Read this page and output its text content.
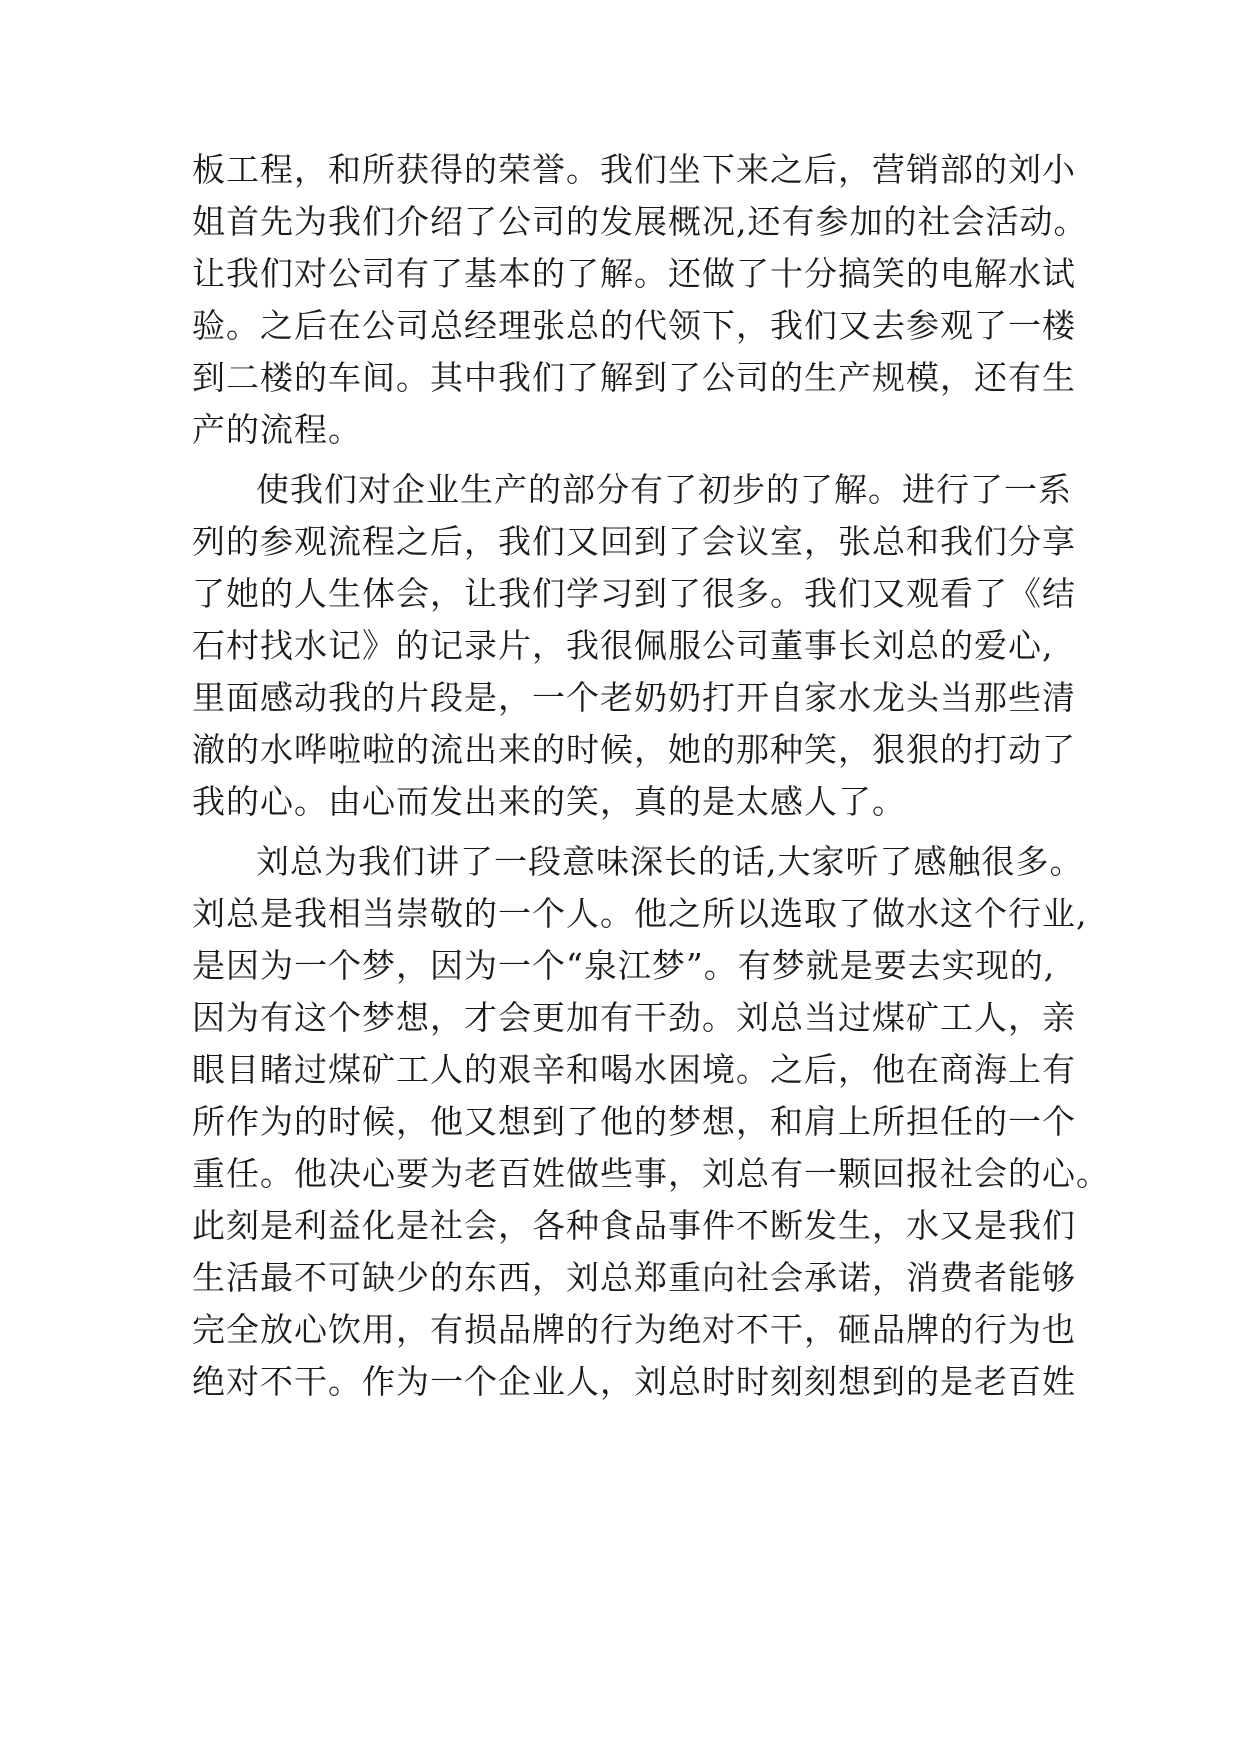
板工程，和所获得的荣誉。我们坐下来之后，营销部的刘小
姐首先为我们介绍了公司的发展概况,还有参加的社会活动。
让我们对公司有了基本的了解。还做了十分搞笑的电解水试
验。之后在公司总经理张总的代领下，我们又去参观了一楼
到二楼的车间。其中我们了解到了公司的生产规模，还有生
产的流程。
使我们对企业生产的部分有了初步的了解。进行了一系
列的参观流程之后，我们又回到了会议室，张总和我们分享
了她的人生体会，让我们学习到了很多。我们又观看了《结
石村找水记》的记录片，我很佩服公司董事长刘总的爱心,
里面感动我的片段是，一个老奶奶打开自家水龙头当那些清
澈的水哗啦啦的流出来的时候，她的那种笑，狠狠的打动了
我的心。由心而发出来的笑，真的是太感人了。
刘总为我们讲了一段意味深长的话,大家听了感触很多。
刘总是我相当崇敬的一个人。他之所以选取了做水这个行业,
是因为一个梦，因为一个“泉江梦”。有梦就是要去实现的,
因为有这个梦想，才会更加有干劲。刘总当过煤矿工人，亲
眼目睹过煤矿工人的艰辛和喝水困境。之后，他在商海上有
所作为的时候，他又想到了他的梦想，和肩上所担任的一个
重任。他决心要为老百姓做些事，刘总有一颗回报社会的心。
此刻是利益化是社会，各种食品事件不断发生，水又是我们
生活最不可缺少的东西，刘总郑重向社会承诺，消费者能够
完全放心饮用，有损品牌的行为绝对不干，砸品牌的行为也
绝对不干。作为一个企业人，刘总时时刻刻想到的是老百姓
